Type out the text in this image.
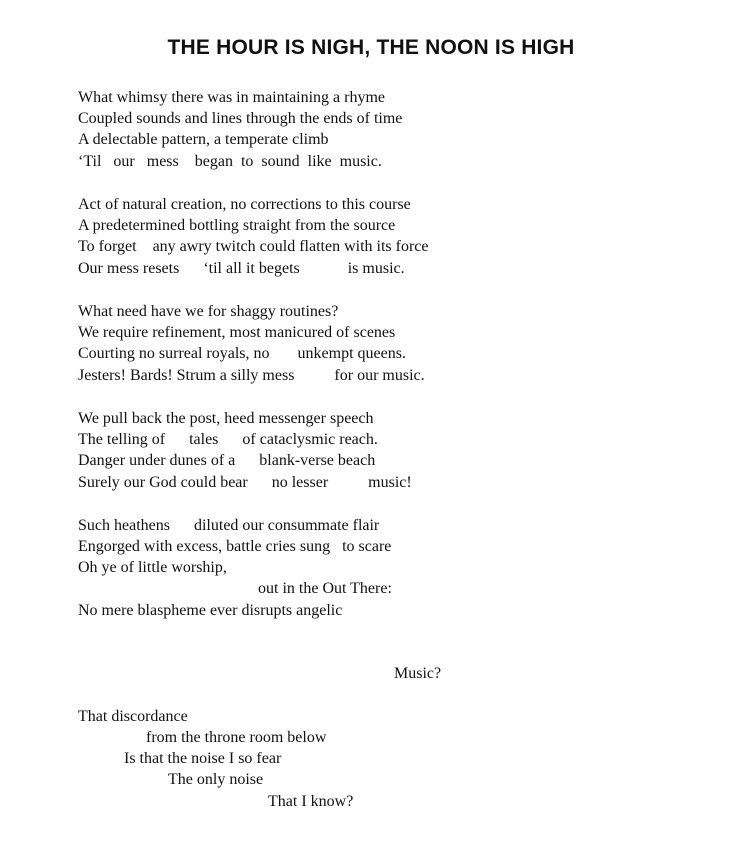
THE HOUR IS NIGH, THE NOON IS HIGH
What whimsy there was in maintaining a rhyme
Coupled sounds and lines through the ends of time
A delectable pattern, a temperate climb
‘Til   our   mess    began  to  sound  like  music.
Act of natural creation, no corrections to this course
A predetermined bottling straight from the source
To forget    any awry twitch could flatten with its force
Our mess resets      ‘til all it begets            is music.
What need have we for shaggy routines?
We require refinement, most manicured of scenes
Courting no surreal royals, no       unkempt queens.
Jesters! Bards! Strum a silly mess          for our music.
We pull back the post, heed messenger speech
The telling of      tales      of cataclysmic reach.
Danger under dunes of a      blank-verse beach
Surely our God could bear      no lesser          music!
Such heathens      diluted our consummate flair
Engorged with excess, battle cries sung   to scare
Oh ye of little worship,
out in the Out There:
No mere blaspheme ever disrupts angelic
Music?
That discordance
from the throne room below
Is that the noise I so fear
The only noise
That I know?
